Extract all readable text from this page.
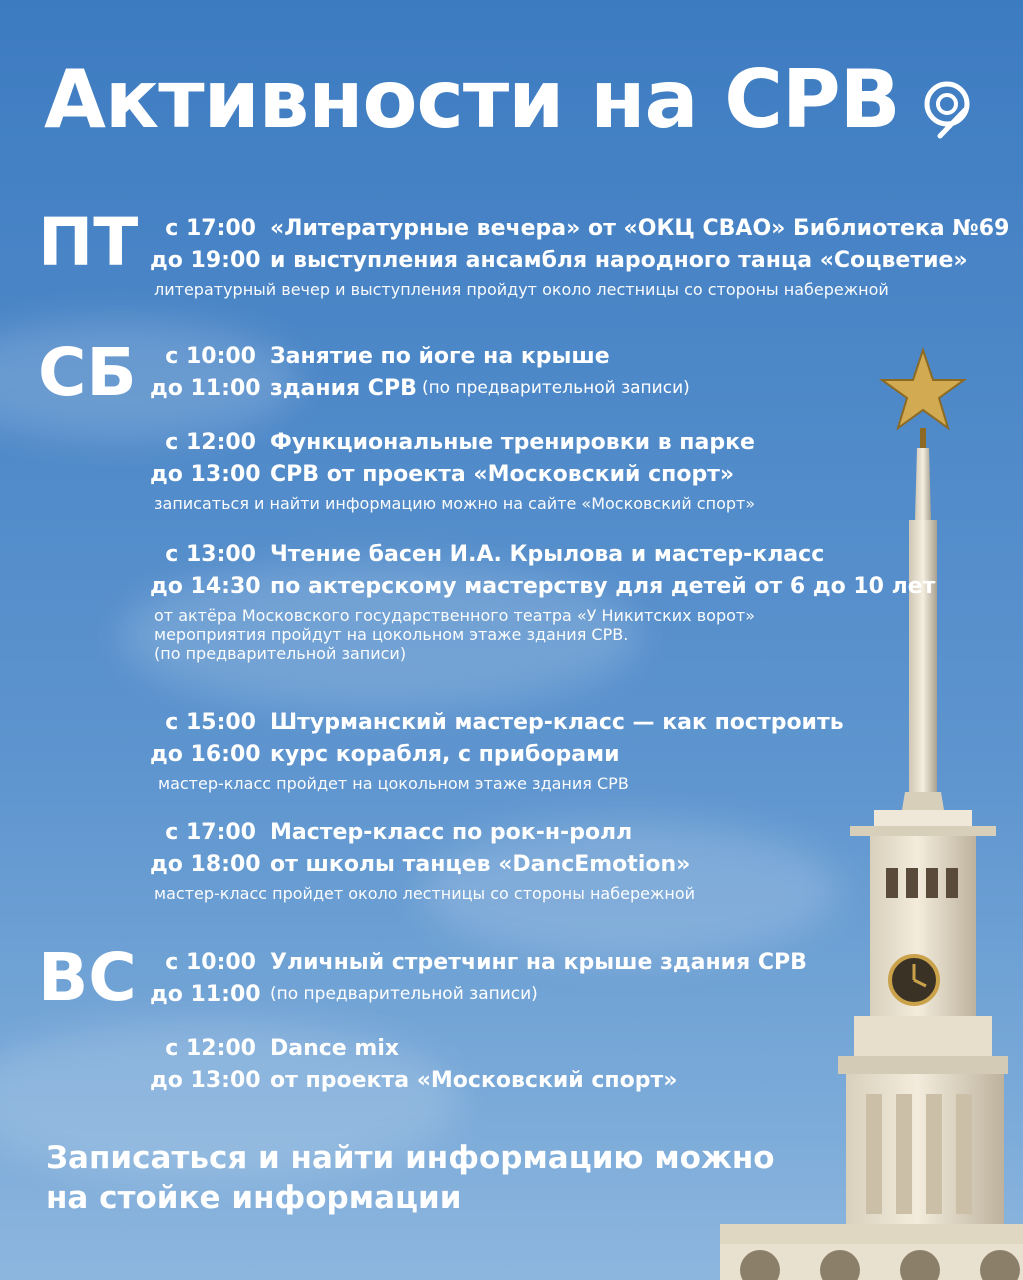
Активности на СРВ
ПТ	с 17:00 «Литературные вечера» от «ОКЦ СВАО» Библиотека №69
до 19:00 и выступления ансамбля народного танца «Соцветие»
литературный вечер и выступления пройдут около лестницы со стороны набережной
СБ	с 10:00 Занятие по йоге на крыше
до 11:00 здания СРВ
(по предварительной записи)
с 12:00 Функциональные тренировки в парке
до 13:00 СРВ от проекта «Московский спорт»
записаться и найти информацию можно на сайте «Московский спорт»
с 13:00 Чтение басен И.А. Крылова и мастер-класс
до 14:30 по актерскому мастерству для детей от 6 до 10 лет
от актёра Московского государственного театра «У Никитских ворот»
мероприятия пройдут на цокольном этаже здания СРВ.
(по предварительной записи)
с 15:00 Штурманский мастер-класс — как построить
до 16:00 курс корабля, с приборами
мастер-класс пройдет на цокольном этаже здания СРВ
с 17:00 Мастер-класс по рок-н-ролл
до 18:00 от школы танцев «DancEmotion»
мастер-класс пройдет около лестницы со стороны набережной
ВС	с 10:00 Уличный стретчинг на крыше здания СРВ
до 11:00 (по предварительной записи)
с 12:00 Dance mix
до 13:00 от проекта «Московский спорт»
Записаться и найти информацию можно
на стойке информации
